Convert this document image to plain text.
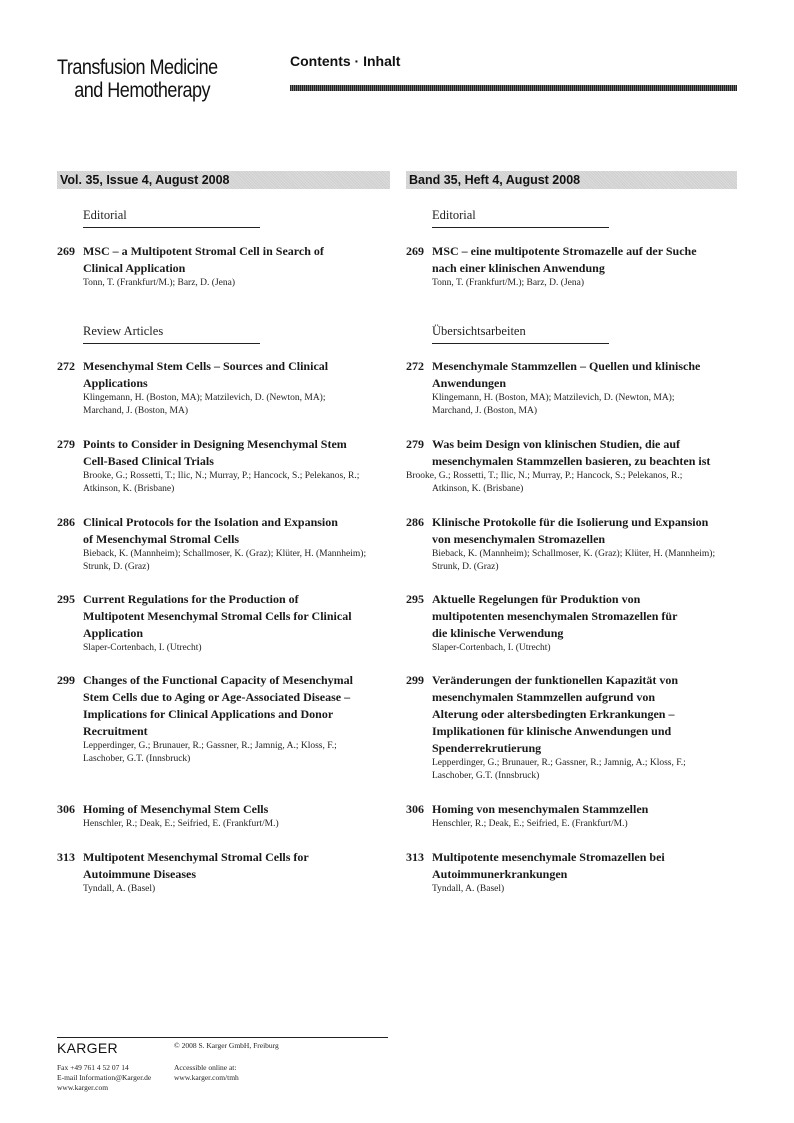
Transfusion Medicine
and Hemotherapy
Contents · Inhalt
Vol. 35, Issue 4, August 2008	Band 35, Heft 4, August 2008
Editorial
269 MSC – a Multipotent Stromal Cell in Search of
Clinical Application
Tonn, T. (Frankfurt/M.); Barz, D. (Jena)
Review Articles
272 Mesenchymal Stem Cells – Sources and Clinical
Applications
Klingemann, H. (Boston, MA); Matzilevich, D. (Newton, MA);
Marchand, J. (Boston, MA)
279 Points to Consider in Designing Mesenchymal Stem
Cell-Based Clinical Trials
Brooke, G.; Rossetti, T.; Ilic, N.; Murray, P.; Hancock, S.; Pelekanos, R.;
Atkinson, K. (Brisbane)
286 Clinical Protocols for the Isolation and Expansion
of Mesenchymal Stromal Cells
Bieback, K. (Mannheim); Schallmoser, K. (Graz); Klüter, H. (Mannheim);
Strunk, D. (Graz)
295 Current Regulations for the Production of
Multipotent Mesenchymal Stromal Cells for Clinical
Application
Slaper-Cortenbach, I. (Utrecht)
299 Changes of the Functional Capacity of Mesenchymal
Stem Cells due to Aging or Age-Associated Disease –
Implications for Clinical Applications and Donor
Recruitment
Lepperdinger, G.; Brunauer, R.; Gassner, R.; Jamnig, A.; Kloss, F.;
Laschober, G.T. (Innsbruck)
306 Homing of Mesenchymal Stem Cells
Henschler, R.; Deak, E.; Seifried, E. (Frankfurt/M.)
313 Multipotent Mesenchymal Stromal Cells for
Autoimmune Diseases
Tyndall, A. (Basel)
Editorial
269 MSC – eine multipotente Stromazelle auf der Suche
nach einer klinischen Anwendung
Tonn, T. (Frankfurt/M.); Barz, D. (Jena)
Übersichtsarbeiten
272 Mesenchymale Stammzellen – Quellen und klinische
Anwendungen
Klingemann, H. (Boston, MA); Matzilevich, D. (Newton, MA);
Marchand, J. (Boston, MA)
279 Was beim Design von klinischen Studien, die auf
mesenchymalen Stammzellen basieren, zu beachten ist
Brooke, G.; Rossetti, T.; Ilic, N.; Murray, P.; Hancock, S.; Pelekanos, R.;
Atkinson, K. (Brisbane)
286 Klinische Protokolle für die Isolierung und Expansion
von mesenchymalen Stromazellen
Bieback, K. (Mannheim); Schallmoser, K. (Graz); Klüter, H. (Mannheim);
Strunk, D. (Graz)
295 Aktuelle Regelungen für Produktion von
multipotenten mesenchymalen Stromazellen für
die klinische Verwendung
Slaper-Cortenbach, I. (Utrecht)
299 Veränderungen der funktionellen Kapazität von
mesenchymalen Stammzellen aufgrund von
Alterung oder altersbedingten Erkrankungen –
Implikationen für klinische Anwendungen und
Spenderrekrutierung
Lepperdinger, G.; Brunauer, R.; Gassner, R.; Jamnig, A.; Kloss, F.;
Laschober, G.T. (Innsbruck)
306 Homing von mesenchymalen Stammzellen
Henschler, R.; Deak, E.; Seifried, E. (Frankfurt/M.)
313 Multipotente mesenchymale Stromazellen bei
Autoimmunerkrankungen
Tyndall, A. (Basel)
KARGER	© 2008 S. Karger GmbH, Freiburg
Fax +49 761 4 52 07 14
E-mail Information@Karger.de
www.karger.com
Accessible online at:
www.karger.com/tmh
